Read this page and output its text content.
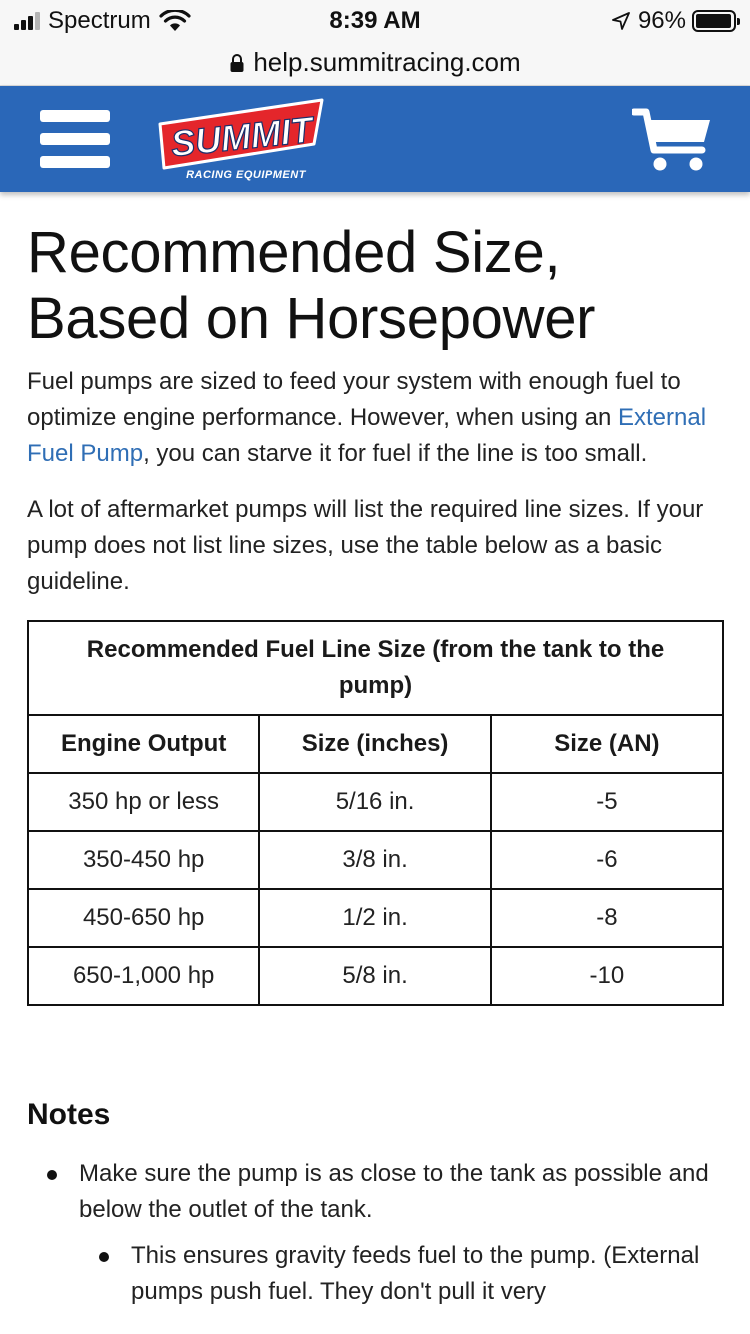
Spectrum	8:39 AM	96%
help.summitracing.com
SUMMIT
RACING EQUIPMENT
Recommended Size,
Based on Horsepower

Fuel pumps are sized to feed your system with enough fuel to optimize engine performance. However, when using an External Fuel Pump, you can starve it for fuel if the line is too small.

A lot of aftermarket pumps will list the required line sizes. If your pump does not list line sizes, use the table below as a basic guideline.

Recommended Fuel Line Size (from the tank to the pump)		
Engine Output	Size (inches)	Size (AN)
350 hp or less	5/16 in.	-5
350-450 hp	3/8 in.	-6
450-650 hp	1/2 in.	-8
650-1,000 hp	5/8 in.	-10
Notes
Make sure the pump is as close to the tank as possible and below the outlet of the tank.
This ensures gravity feeds fuel to the pump. (External pumps push fuel. They don't pull it very
